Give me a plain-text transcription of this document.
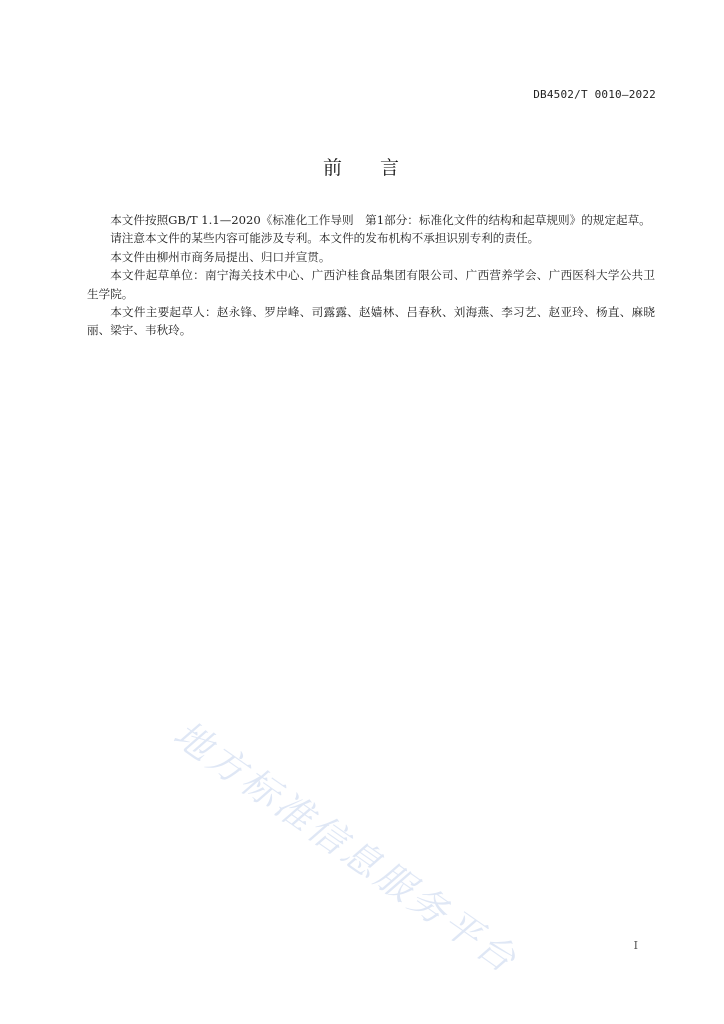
DB4502/T 0010—2022
前 言

本文件按照GB/T 1.1—2020《标准化工作导则　第1部分：标准化文件的结构和起草规则》的规定起草。

请注意本文件的某些内容可能涉及专利。本文件的发布机构不承担识别专利的责任。

本文件由柳州市商务局提出、归口并宣贯。

本文件起草单位：南宁海关技术中心、广西沪桂食品集团有限公司、广西营养学会、广西医科大学公共卫生学院。

本文件主要起草人：赵永锋、罗岸峰、司露露、赵嫱林、吕春秋、刘海燕、李习艺、赵亚玲、杨直、麻晓丽、梁宇、韦秋玲。

地方标准信息服务平台	I
